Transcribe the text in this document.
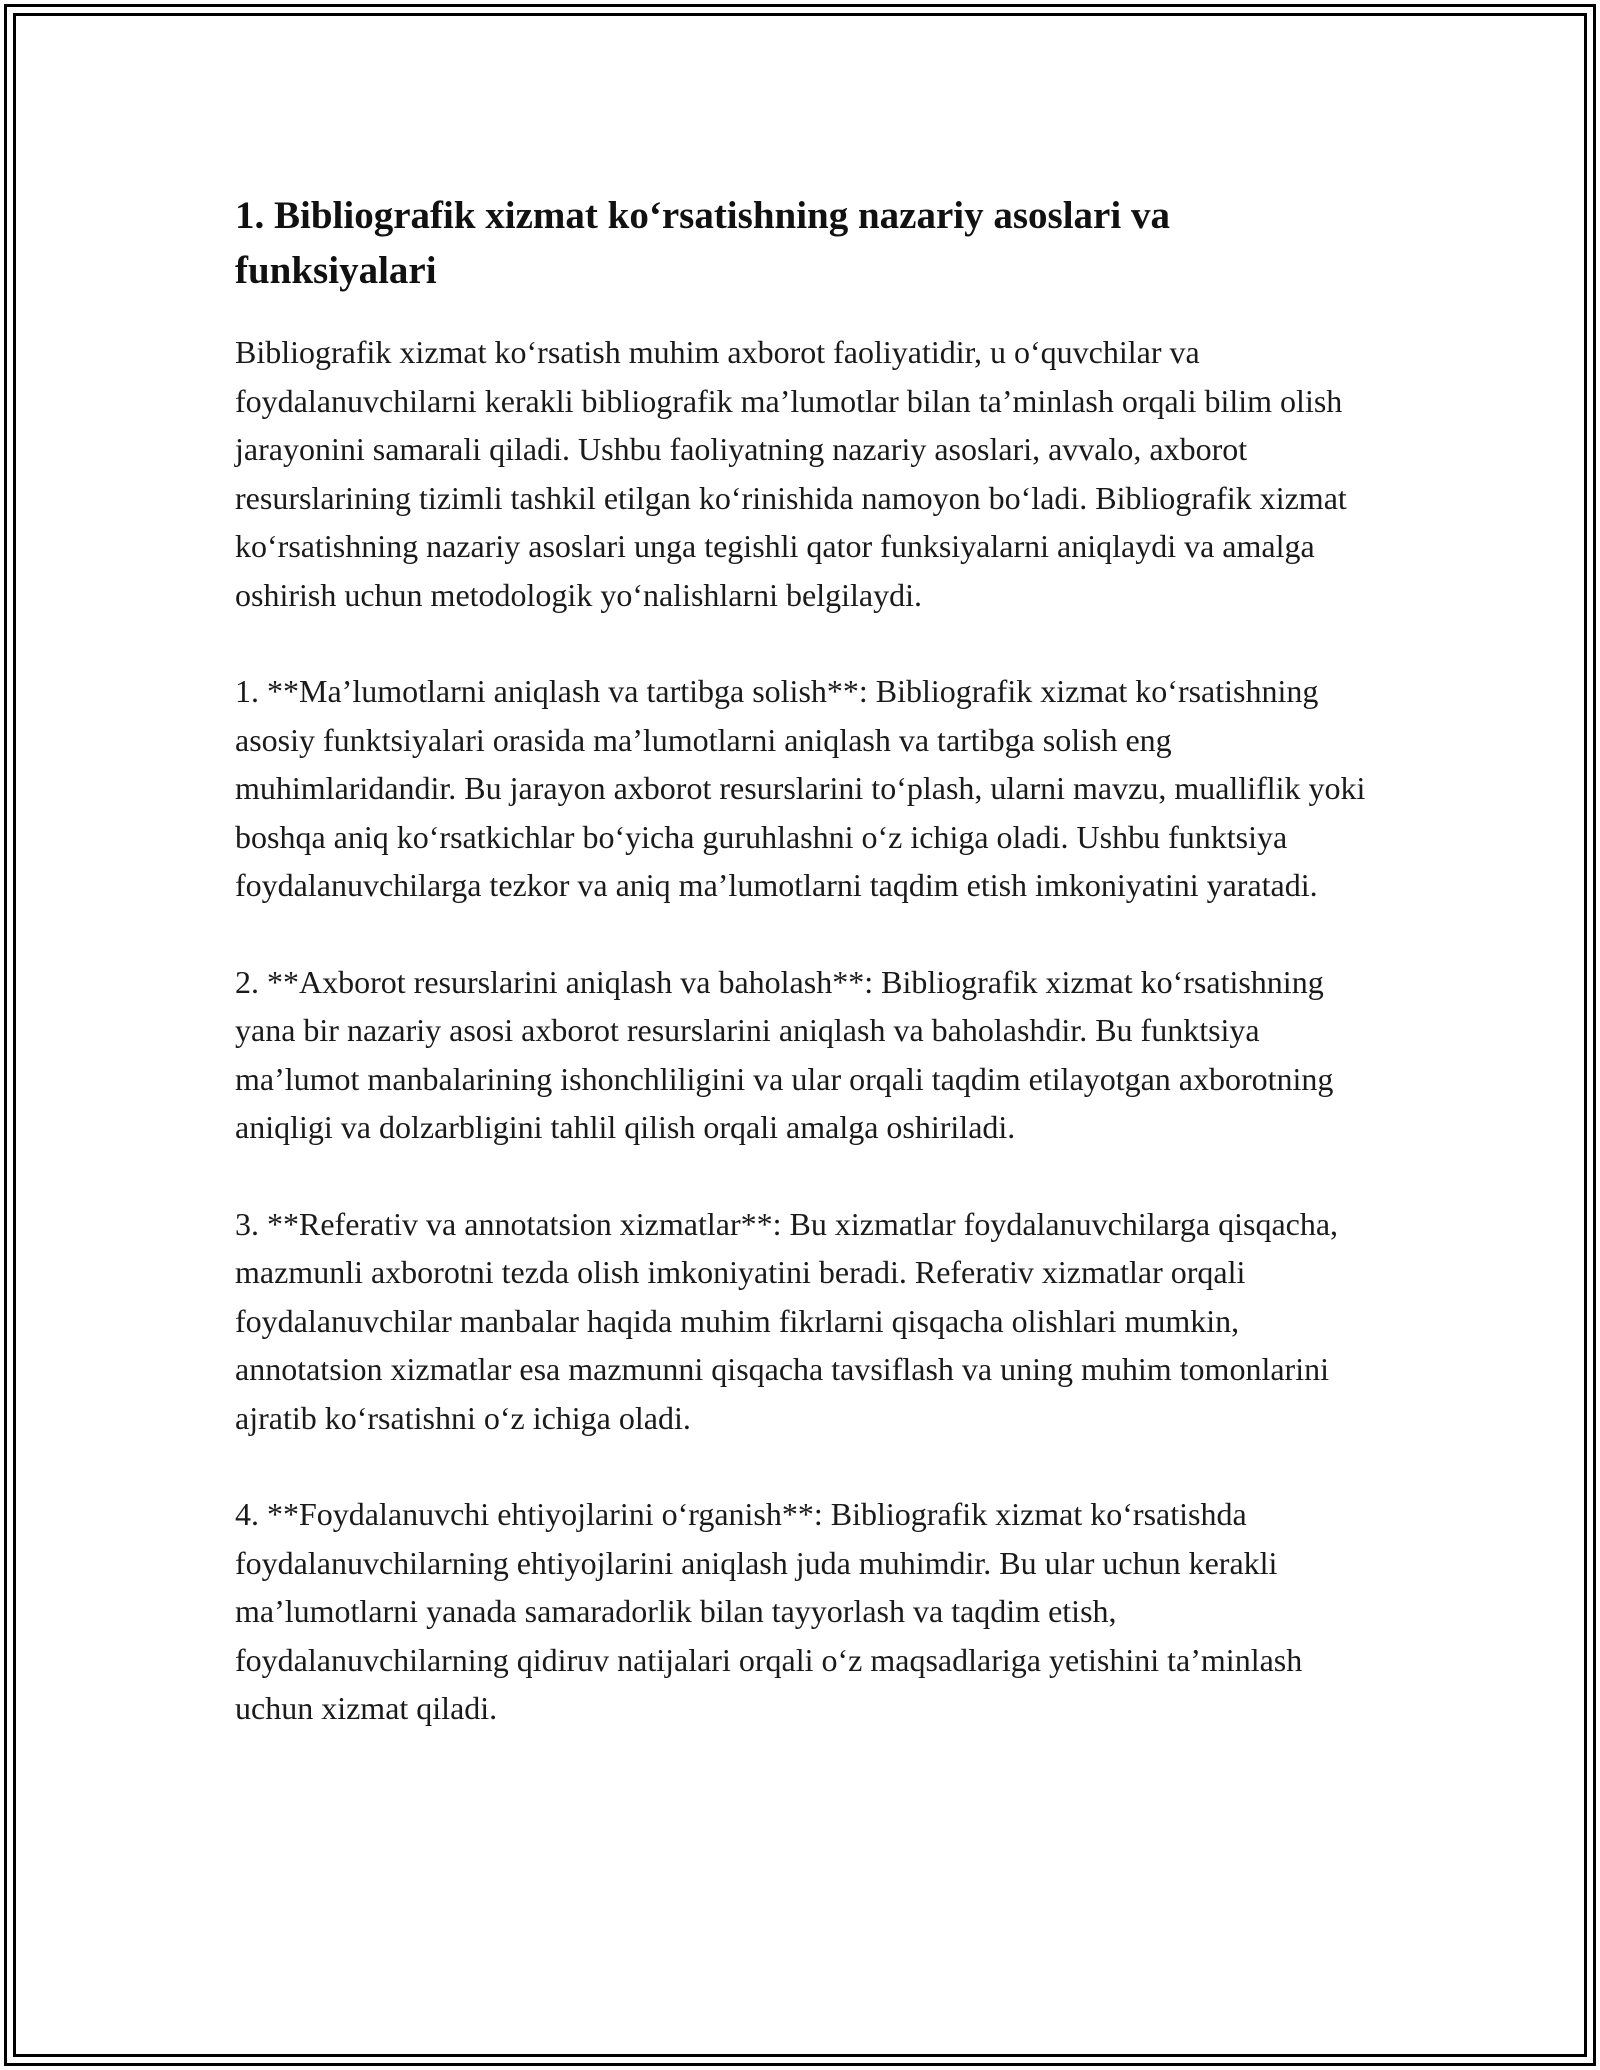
1. Bibliografik xizmat ko‘rsatishning nazariy asoslari va funksiyalari

Bibliografik xizmat ko‘rsatish muhim axborot faoliyatidir, u o‘quvchilar va foydalanuvchilarni kerakli bibliografik ma’lumotlar bilan ta’minlash orqali bilim olish jarayonini samarali qiladi. Ushbu faoliyatning nazariy asoslari, avvalo, axborot resurslarining tizimli tashkil etilgan ko‘rinishida namoyon bo‘ladi. Bibliografik xizmat ko‘rsatishning nazariy asoslari unga tegishli qator funksiyalarni aniqlaydi va amalga oshirish uchun metodologik yo‘nalishlarni belgilaydi.

1. **Ma’lumotlarni aniqlash va tartibga solish**: Bibliografik xizmat ko‘rsatishning asosiy funktsiyalari orasida ma’lumotlarni aniqlash va tartibga solish eng muhimlaridandir. Bu jarayon axborot resurslarini to‘plash, ularni mavzu, mualliflik yoki boshqa aniq ko‘rsatkichlar bo‘yicha guruhlashni o‘z ichiga oladi. Ushbu funktsiya foydalanuvchilarga tezkor va aniq ma’lumotlarni taqdim etish imkoniyatini yaratadi.

2. **Axborot resurslarini aniqlash va baholash**: Bibliografik xizmat ko‘rsatishning yana bir nazariy asosi axborot resurslarini aniqlash va baholashdir. Bu funktsiya ma’lumot manbalarining ishonchliligini va ular orqali taqdim etilayotgan axborotning aniqligi va dolzarbligini tahlil qilish orqali amalga oshiriladi.

3. **Referativ va annotatsion xizmatlar**: Bu xizmatlar foydalanuvchilarga qisqacha, mazmunli axborotni tezda olish imkoniyatini beradi. Referativ xizmatlar orqali foydalanuvchilar manbalar haqida muhim fikrlarni qisqacha olishlari mumkin, annotatsion xizmatlar esa mazmunni qisqacha tavsiflash va uning muhim tomonlarini ajratib ko‘rsatishni o‘z ichiga oladi.

4. **Foydalanuvchi ehtiyojlarini o‘rganish**: Bibliografik xizmat ko‘rsatishda foydalanuvchilarning ehtiyojlarini aniqlash juda muhimdir. Bu ular uchun kerakli ma’lumotlarni yanada samaradorlik bilan tayyorlash va taqdim etish, foydalanuvchilarning qidiruv natijalari orqali o‘z maqsadlariga yetishini ta’minlash uchun xizmat qiladi.
